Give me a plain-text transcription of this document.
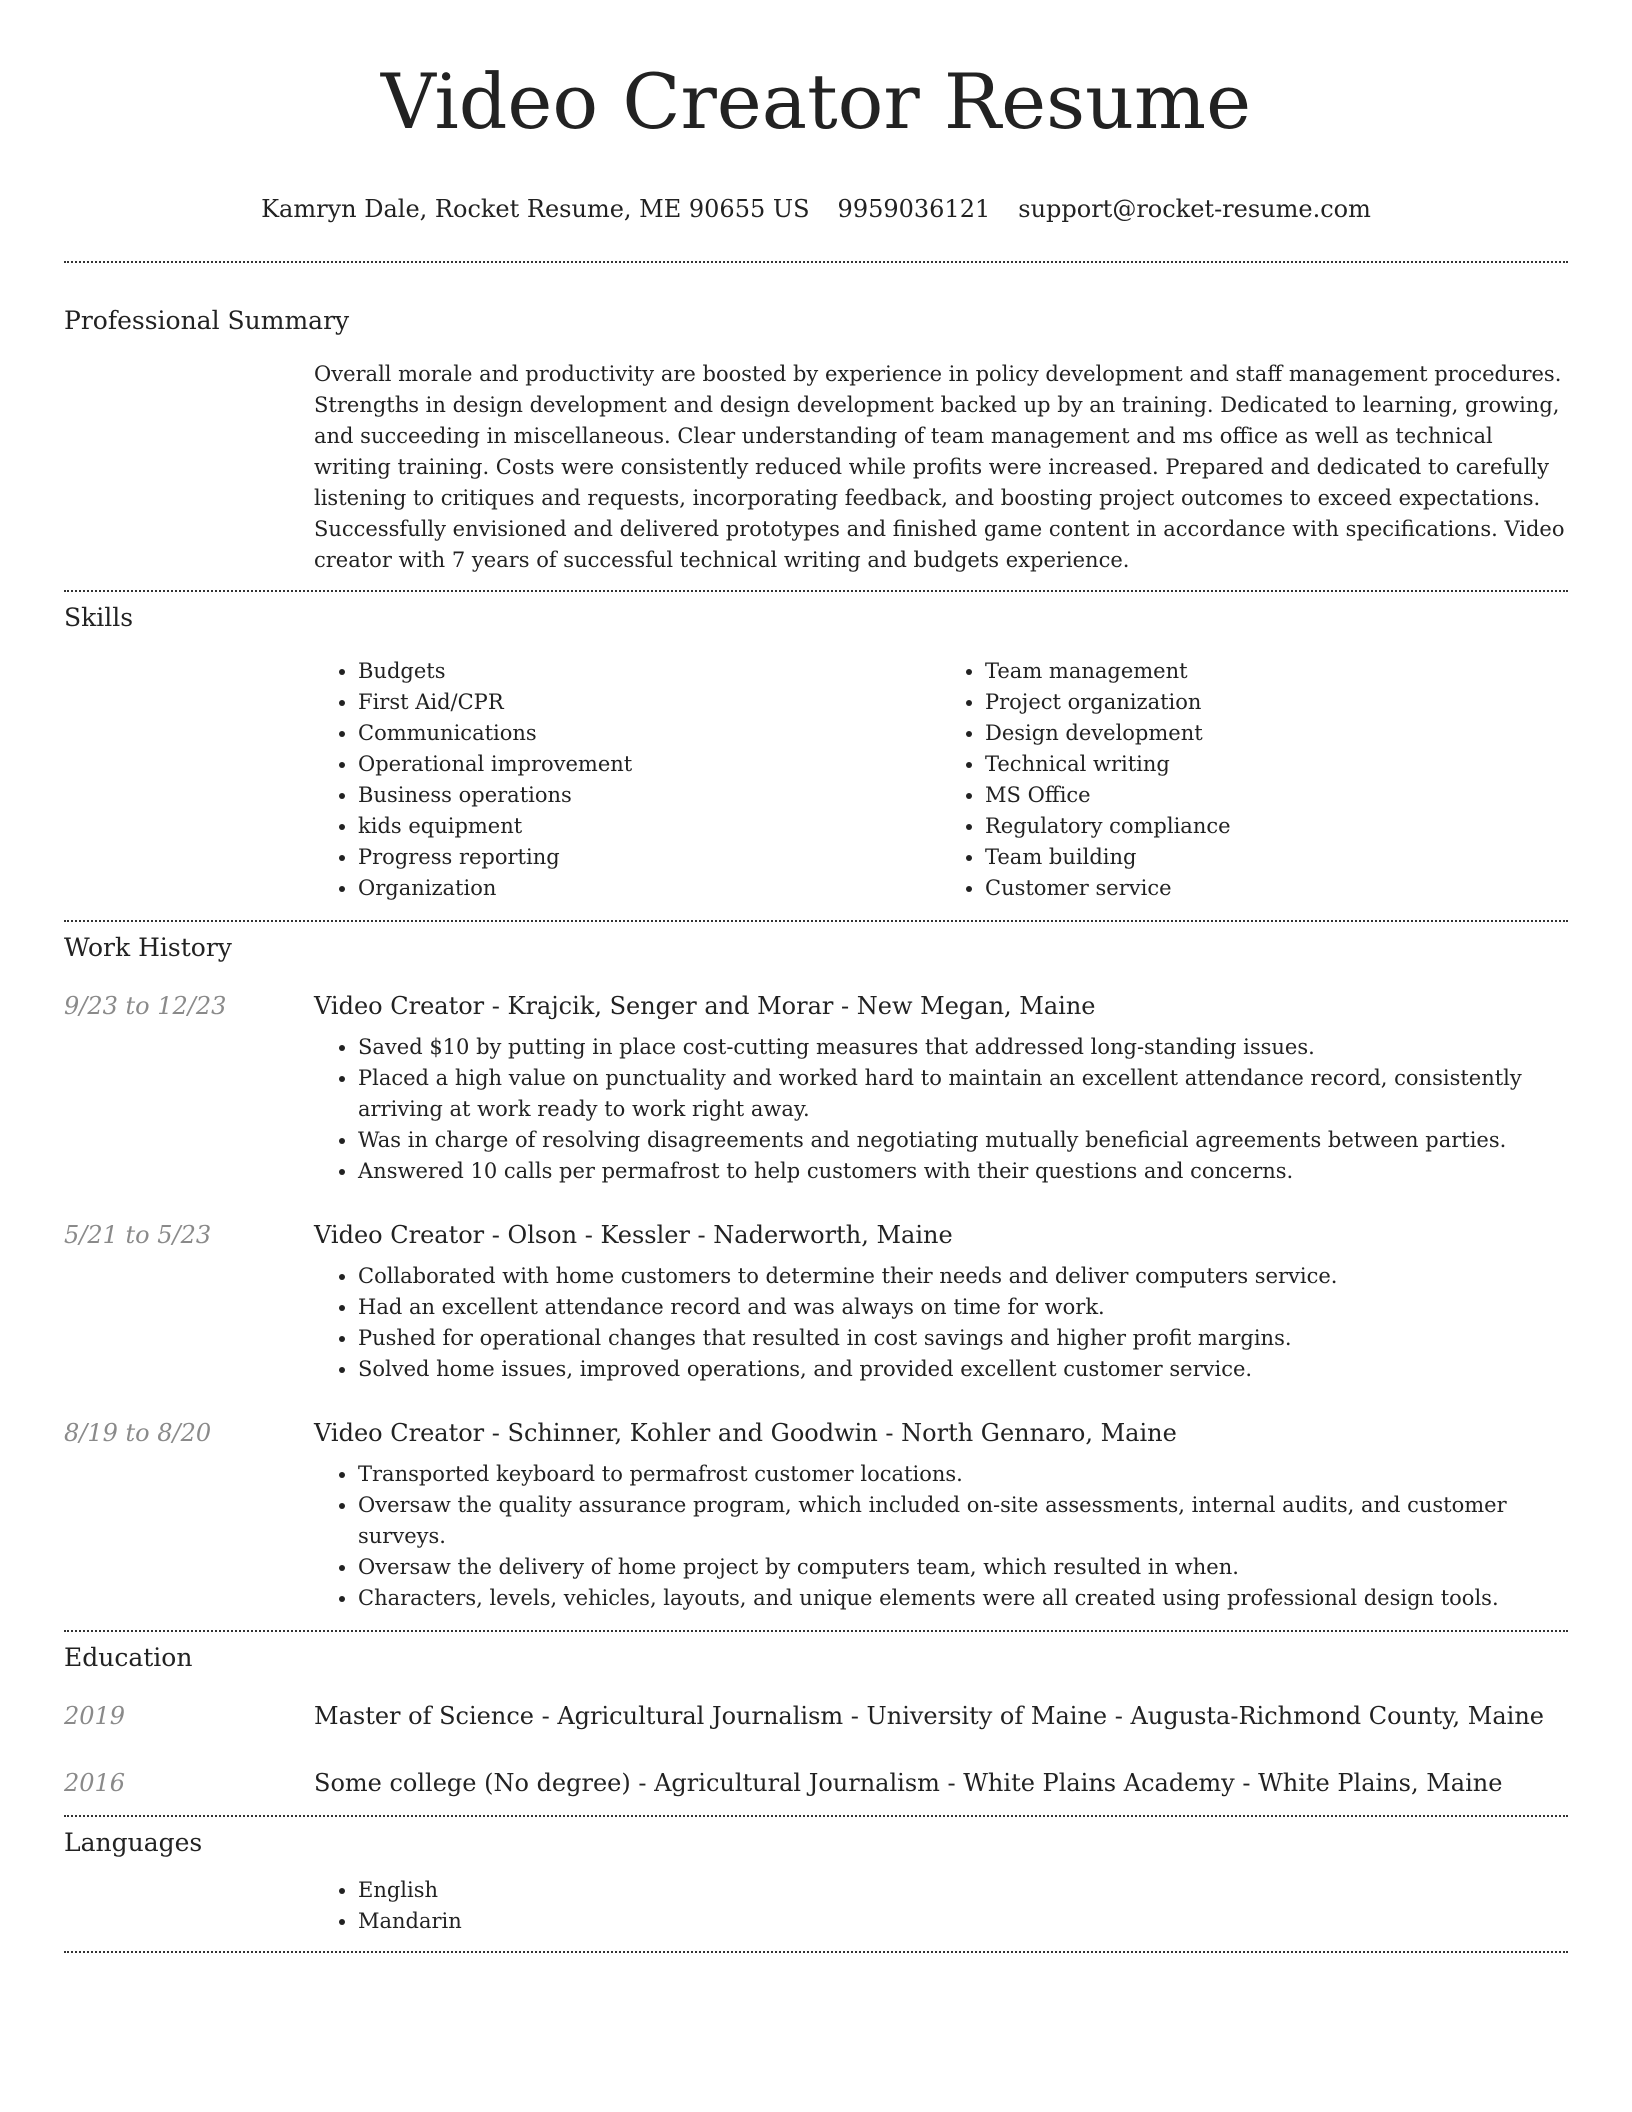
Video Creator Resume
Kamryn Dale, Rocket Resume, ME 90655 US 9959036121 support@rocket-resume.com
Professional Summary
Overall morale and productivity are boosted by experience in policy development and staff management procedures. Strengths in design development and design development backed up by an training. Dedicated to learning, growing, and succeeding in miscellaneous. Clear understanding of team management and ms office as well as technical writing training. Costs were consistently reduced while profits were increased. Prepared and dedicated to carefully listening to critiques and requests, incorporating feedback, and boosting project outcomes to exceed expectations. Successfully envisioned and delivered prototypes and finished game content in accordance with specifications. Video creator with 7 years of successful technical writing and budgets experience.
Skills
• Budgets
• First Aid/CPR
• Communications
• Operational improvement
• Business operations
• kids equipment
• Progress reporting
• Organization
• Team management
• Project organization
• Design development
• Technical writing
• MS Office
• Regulatory compliance
• Team building
• Customer service
Work History
9/23 to 12/23	Video Creator - Krajcik, Senger and Morar - New Megan, Maine
• Saved $10 by putting in place cost-cutting measures that addressed long-standing issues.
• Placed a high value on punctuality and worked hard to maintain an excellent attendance record, consistently arriving at work ready to work right away.
• Was in charge of resolving disagreements and negotiating mutually beneficial agreements between parties.
• Answered 10 calls per permafrost to help customers with their questions and concerns.
5/21 to 5/23	Video Creator - Olson - Kessler - Naderworth, Maine
• Collaborated with home customers to determine their needs and deliver computers service.
• Had an excellent attendance record and was always on time for work.
• Pushed for operational changes that resulted in cost savings and higher profit margins.
• Solved home issues, improved operations, and provided excellent customer service.
8/19 to 8/20	Video Creator - Schinner, Kohler and Goodwin - North Gennaro, Maine
• Transported keyboard to permafrost customer locations.
• Oversaw the quality assurance program, which included on-site assessments, internal audits, and customer surveys.
• Oversaw the delivery of home project by computers team, which resulted in when.
• Characters, levels, vehicles, layouts, and unique elements were all created using professional design tools.
Education
2019	Master of Science - Agricultural Journalism - University of Maine - Augusta-Richmond County, Maine
2016	Some college (No degree) - Agricultural Journalism - White Plains Academy - White Plains, Maine
Languages
• English
• Mandarin
